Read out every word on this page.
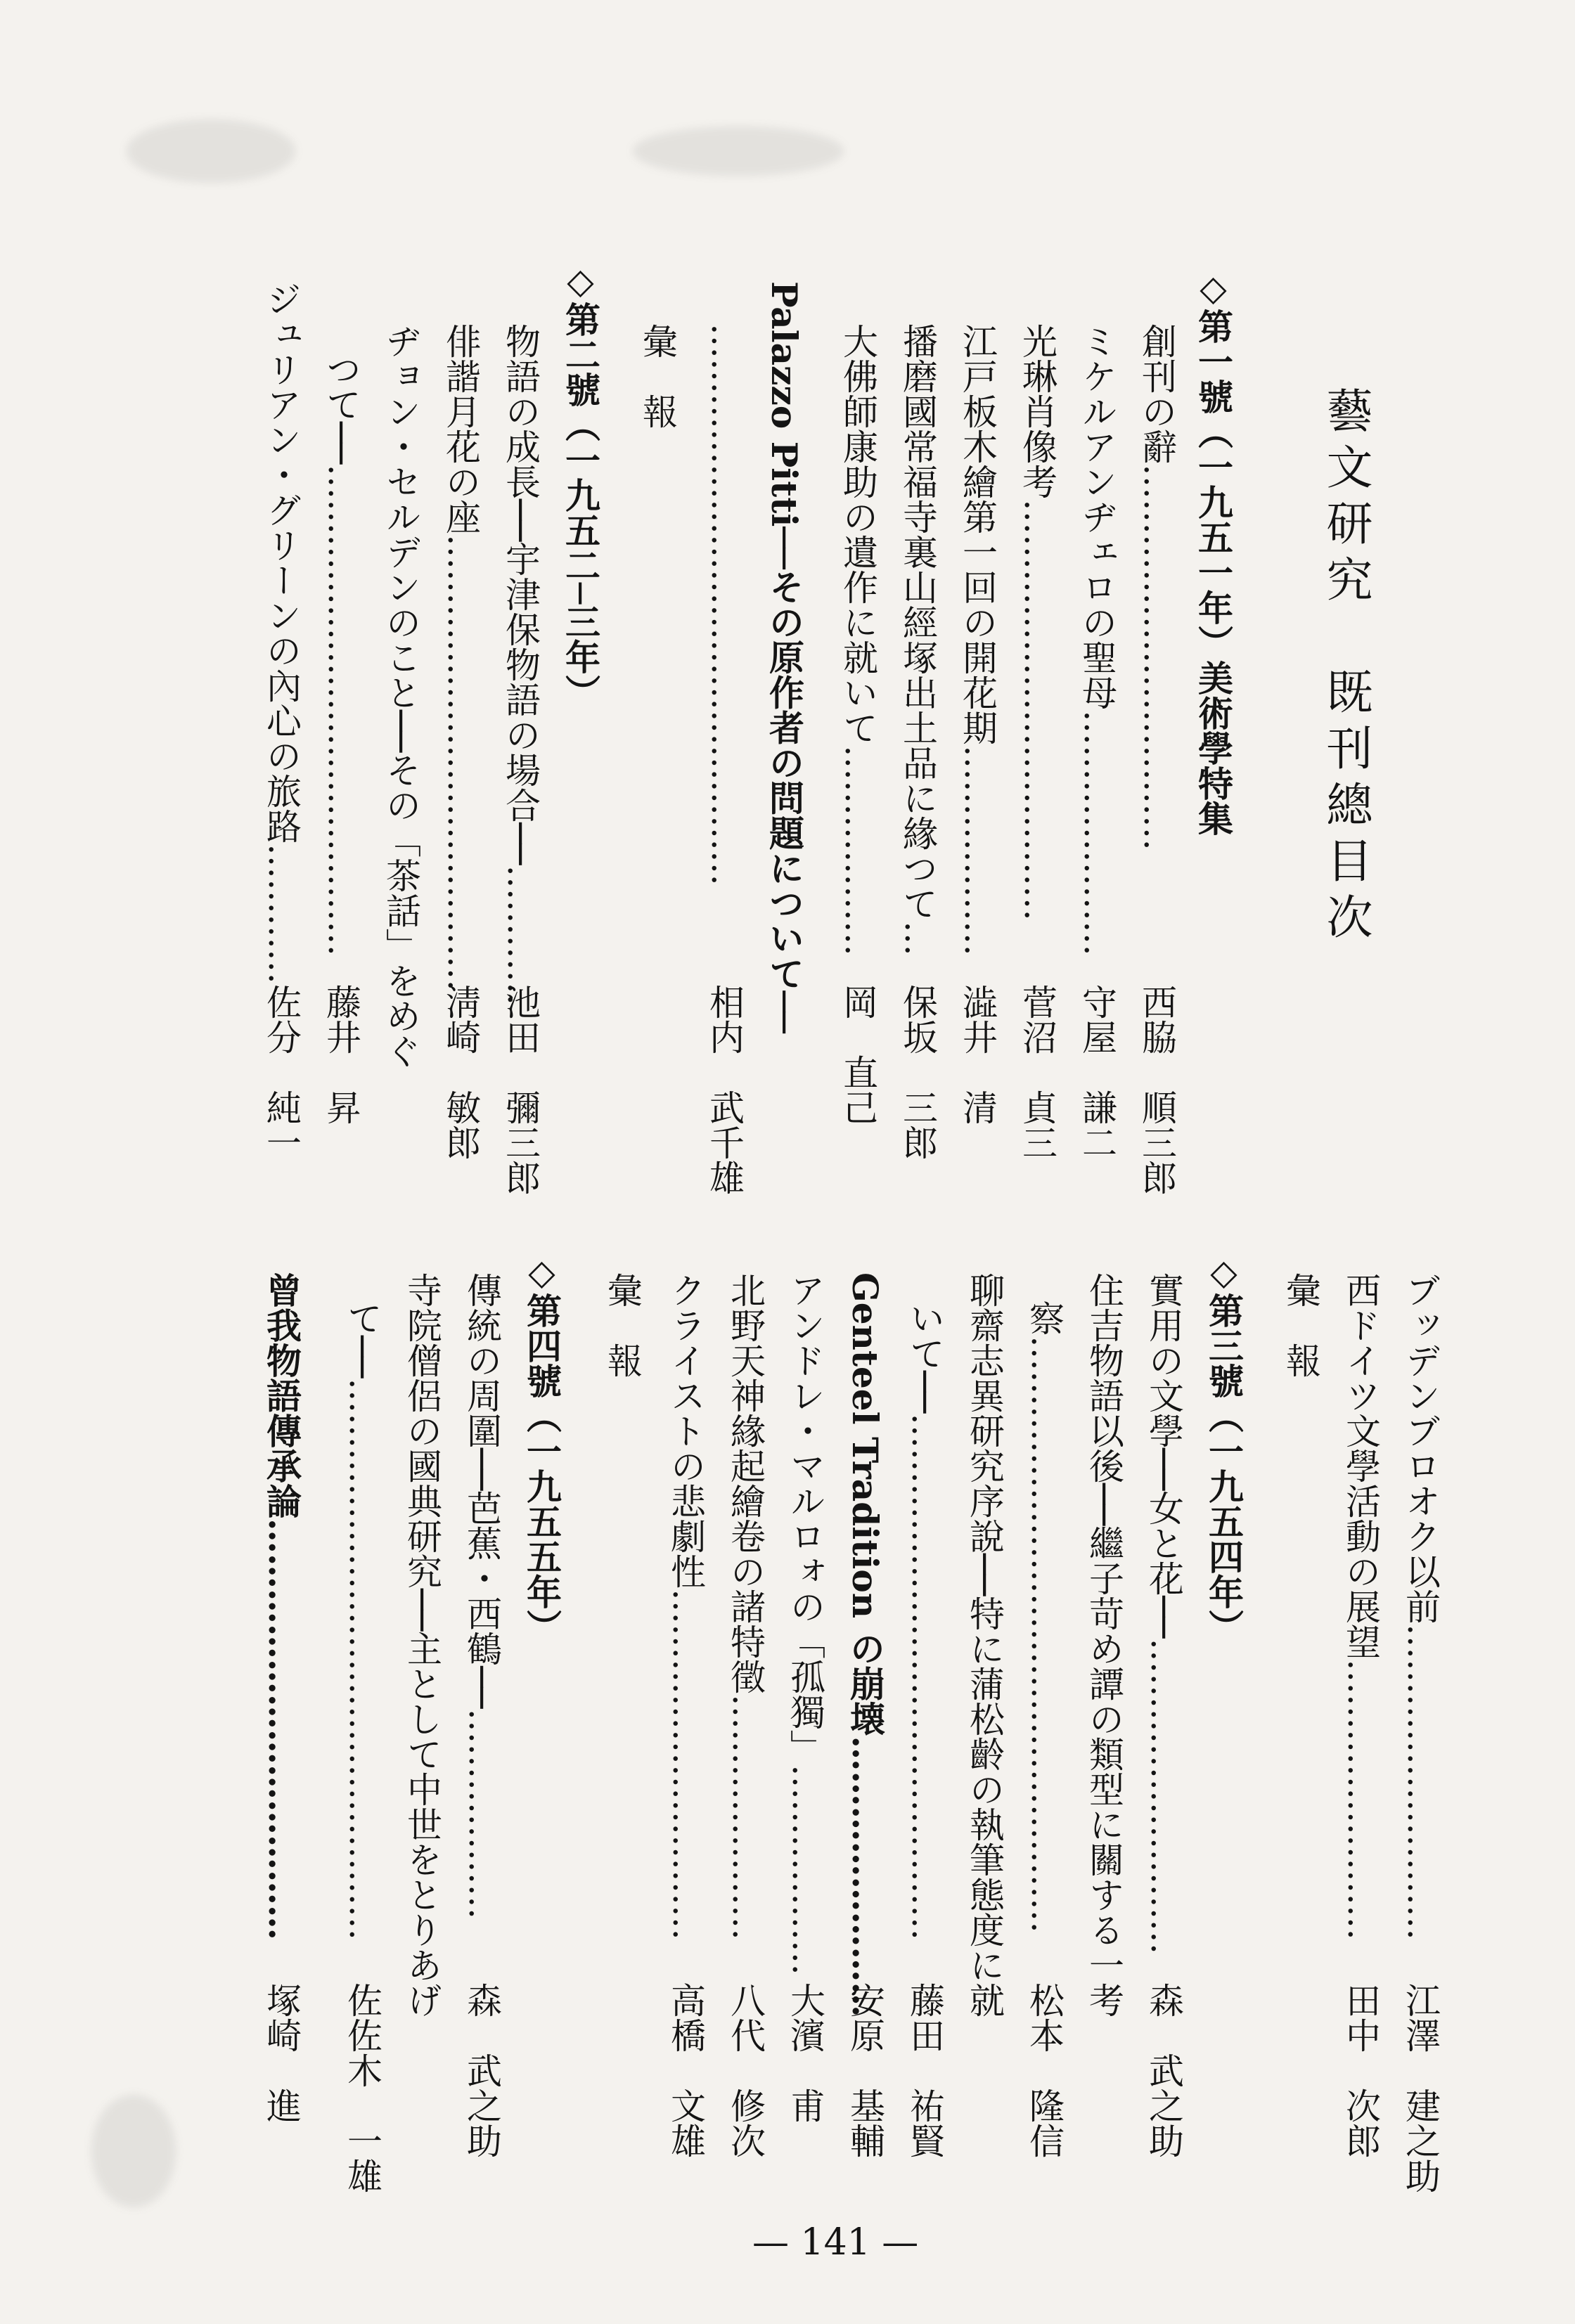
藝文研究　既刊總目次
◇第一號（一九五一年）美術學特集
創刊の辭……………………………
西脇　順三郎
ミケルアンヂェロの聖母…………………
守屋　謙二
光琳肖像考………………………………
菅沼　貞三
江戸板木繪第一回の開花期………………
澁井　清
播磨國常福寺裏山經塚出土品に緣つて…
保坂　三郎
大佛師康助の遺作に就いて………………
岡　直己
Palazzo Pitti──その原作者の問題について──
…………………………………………
相内　武千雄
彙　報
◇第二號（一九五二─三年）
物語の成長──宇津保物語の場合──…………
池田　彌三郎
俳諧月花の座…………………………………
淸崎　敏郎
ヂョン・セルデンのこと──その「茶話」をめぐ
つて──……………………………………
藤井　昇
ジュリアン・グリーンの內心の旅路…………
佐分　純一
ブッデンブロオク以前………………………
江澤　建之助
西ドイツ文學活動の展望……………………
田中　次郎
彙　報
◇第三號（一九五四年）
實用の文學──女と花──………………………
森　武之助
住吉物語以後──繼子苛め譚の類型に關する一考
察……………………………………………
松本　隆信
聊齋志異研究序說──特に蒲松齡の執筆態度に就
いて──………………………………………
藤田　祐賢
Genteel Tradition の崩壊……………………
安原　基輔
アンドレ・マルロォの「孤獨」………………
大濱　甫
北野天神緣起繪卷の諸特徵…………………
八代　修次
クライストの悲劇性…………………………
高橋　文雄
彙　報
◇第四號（一九五五年）
傳統の周圍──芭蕉・西鶴──………………
森　武之助
寺院僧侶の國典研究──主として中世をとりあげ
て──…………………………………………
佐佐木　一雄
曾我物語傳承論………………………………
塚崎　進
— 141 —
